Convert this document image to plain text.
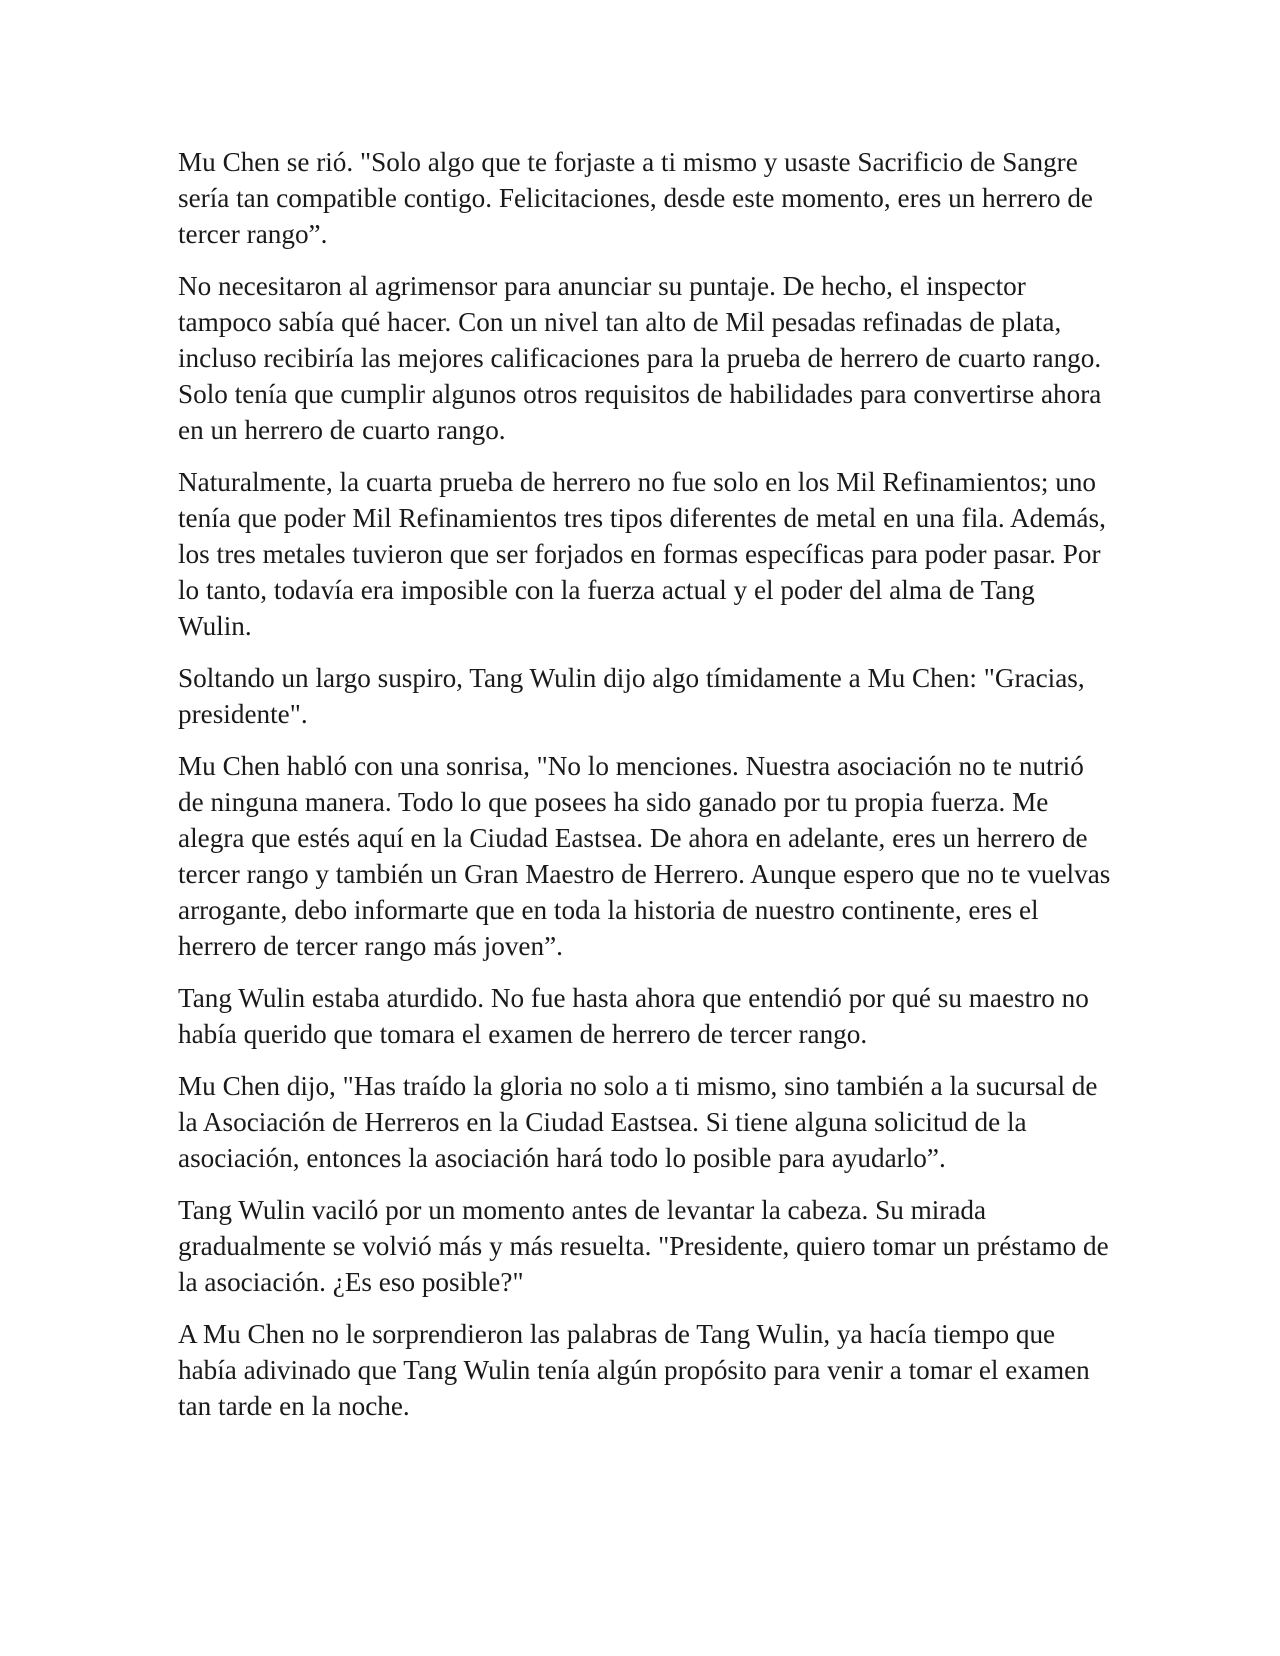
Mu Chen se rió. "Solo algo que te forjaste a ti mismo y usaste Sacrificio de Sangre sería tan compatible contigo. Felicitaciones, desde este momento, eres un herrero de tercer rango”.

No necesitaron al agrimensor para anunciar su puntaje. De hecho, el inspector tampoco sabía qué hacer. Con un nivel tan alto de Mil pesadas refinadas de plata, incluso recibiría las mejores calificaciones para la prueba de herrero de cuarto rango. Solo tenía que cumplir algunos otros requisitos de habilidades para convertirse ahora en un herrero de cuarto rango.

Naturalmente, la cuarta prueba de herrero no fue solo en los Mil Refinamientos; uno tenía que poder Mil Refinamientos tres tipos diferentes de metal en una fila. Además, los tres metales tuvieron que ser forjados en formas específicas para poder pasar. Por lo tanto, todavía era imposible con la fuerza actual y el poder del alma de Tang Wulin.

Soltando un largo suspiro, Tang Wulin dijo algo tímidamente a Mu Chen: "Gracias, presidente".

Mu Chen habló con una sonrisa, "No lo menciones. Nuestra asociación no te nutrió de ninguna manera. Todo lo que posees ha sido ganado por tu propia fuerza. Me alegra que estés aquí en la Ciudad Eastsea. De ahora en adelante, eres un herrero de tercer rango y también un Gran Maestro de Herrero. Aunque espero que no te vuelvas arrogante, debo informarte que en toda la historia de nuestro continente, eres el herrero de tercer rango más joven”.

Tang Wulin estaba aturdido. No fue hasta ahora que entendió por qué su maestro no había querido que tomara el examen de herrero de tercer rango.

Mu Chen dijo, "Has traído la gloria no solo a ti mismo, sino también a la sucursal de la Asociación de Herreros en la Ciudad Eastsea. Si tiene alguna solicitud de la asociación, entonces la asociación hará todo lo posible para ayudarlo”.

Tang Wulin vaciló por un momento antes de levantar la cabeza. Su mirada gradualmente se volvió más y más resuelta. "Presidente, quiero tomar un préstamo de la asociación. ¿Es eso posible?"

A Mu Chen no le sorprendieron las palabras de Tang Wulin, ya hacía tiempo que había adivinado que Tang Wulin tenía algún propósito para venir a tomar el examen tan tarde en la noche.
